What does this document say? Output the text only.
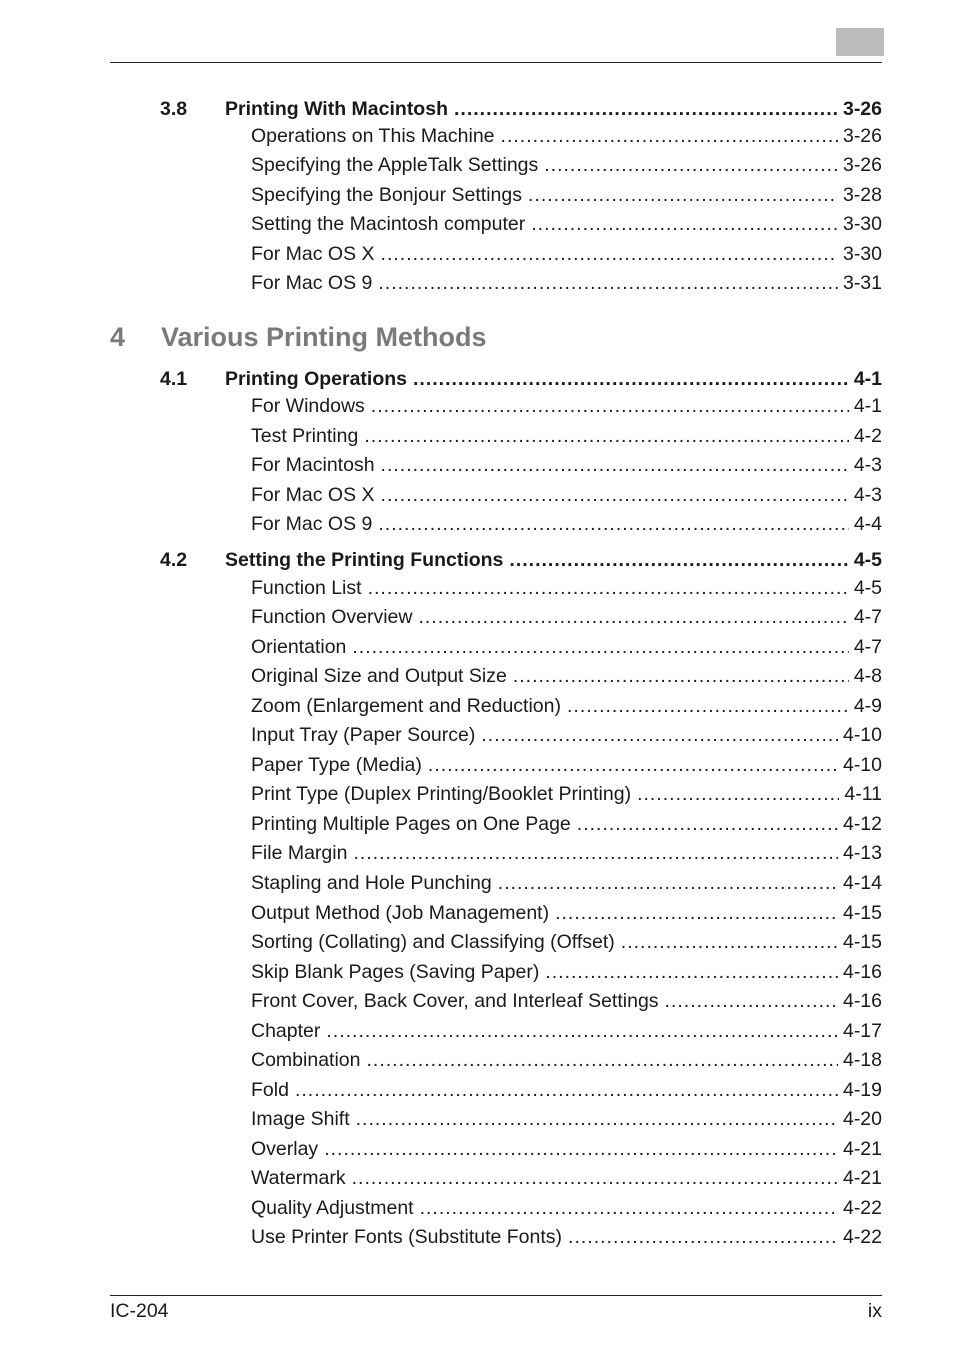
3.8	Printing With Macintosh .....	3-26
Operations on This Machine .....	3-26
Specifying the AppleTalk Settings .....	3-26
Specifying the Bonjour Settings .....	3-28
Setting the Macintosh computer .....	3-30
For Mac OS X .....	3-30
For Mac OS 9 .....	3-31
4	Various Printing Methods
4.1	Printing Operations .....	4-1
For Windows .....	4-1
Test Printing .....	4-2
For Macintosh .....	4-3
For Mac OS X .....	4-3
For Mac OS 9 .....	4-4
4.2	Setting the Printing Functions .....	4-5
Function List .....	4-5
Function Overview .....	4-7
Orientation .....	4-7
Original Size and Output Size .....	4-8
Zoom (Enlargement and Reduction) .....	4-9
Input Tray (Paper Source) .....	4-10
Paper Type (Media) .....	4-10
Print Type (Duplex Printing/Booklet Printing) .....	4-11
Printing Multiple Pages on One Page .....	4-12
File Margin .....	4-13
Stapling and Hole Punching .....	4-14
Output Method (Job Management) .....	4-15
Sorting (Collating) and Classifying (Offset) .....	4-15
Skip Blank Pages (Saving Paper) .....	4-16
Front Cover, Back Cover, and Interleaf Settings .....	4-16
Chapter .....	4-17
Combination .....	4-18
Fold .....	4-19
Image Shift .....	4-20
Overlay .....	4-21
Watermark .....	4-21
Quality Adjustment .....	4-22
Use Printer Fonts (Substitute Fonts) .....	4-22
IC-204	ix
